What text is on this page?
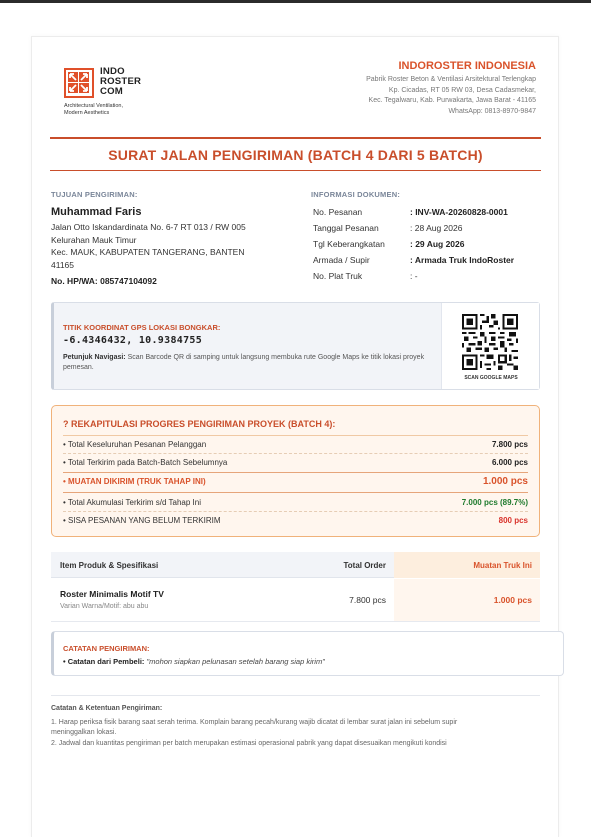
INDO
ROSTER
COM
Architectural Ventilation,
Modern Aesthetics
INDOROSTER INDONESIA
Pabrik Roster Beton & Ventilasi Arsitektural Terlengkap
Kp. Cicadas, RT 05 RW 03, Desa Cadasmekar,
Kec. Tegalwaru, Kab. Purwakarta, Jawa Barat - 41165
WhatsApp: 0813-8970-9847
SURAT JALAN PENGIRIMAN (BATCH 4 DARI 5 BATCH)
TUJUAN PENGIRIMAN:
Muhammad Faris
Jalan Otto Iskandardinata No. 6-7 RT 013 / RW 005
Kelurahan Mauk Timur
Kec. MAUK, KABUPATEN TANGERANG, BANTEN
41165
No. HP/WA: 085747104092
INFORMASI DOKUMEN:
No. Pesanan	: INV-WA-20260828-0001
Tanggal Pesanan	: 28 Aug 2026
Tgl Keberangkatan	: 29 Aug 2026
Armada / Supir	: Armada Truk IndoRoster
No. Plat Truk	: -
TITIK KOORDINAT GPS LOKASI BONGKAR:
-6.4346432, 10.9384755
Petunjuk Navigasi: Scan Barcode QR di samping untuk langsung membuka rute Google Maps ke titik lokasi proyek pemesan.
SCAN GOOGLE MAPS
? REKAPITULASI PROGRES PENGIRIMAN PROYEK (BATCH 4):
• Total Keseluruhan Pesanan Pelanggan	7.800 pcs
• Total Terkirim pada Batch-Batch Sebelumnya	6.000 pcs
• MUATAN DIKIRIM (TRUK TAHAP INI)	1.000 pcs
• Total Akumulasi Terkirim s/d Tahap Ini	7.000 pcs (89.7%)
• SISA PESANAN YANG BELUM TERKIRIM	800 pcs
Item Produk & Spesifikasi	Total Order	Muatan Truk Ini
Roster Minimalis Motif TV
Varian Warna/Motif: abu abu
7.800 pcs	1.000 pcs
CATATAN PENGIRIMAN:
• Catatan dari Pembeli: "mohon siapkan pelunasan setelah barang siap kirim"
Catatan & Ketentuan Pengiriman:
1. Harap periksa fisik barang saat serah terima. Komplain barang pecah/kurang wajib dicatat di lembar surat jalan ini sebelum supir
meninggalkan lokasi.
2. Jadwal dan kuantitas pengiriman per batch merupakan estimasi operasional pabrik yang dapat disesuaikan mengikuti kondisi
